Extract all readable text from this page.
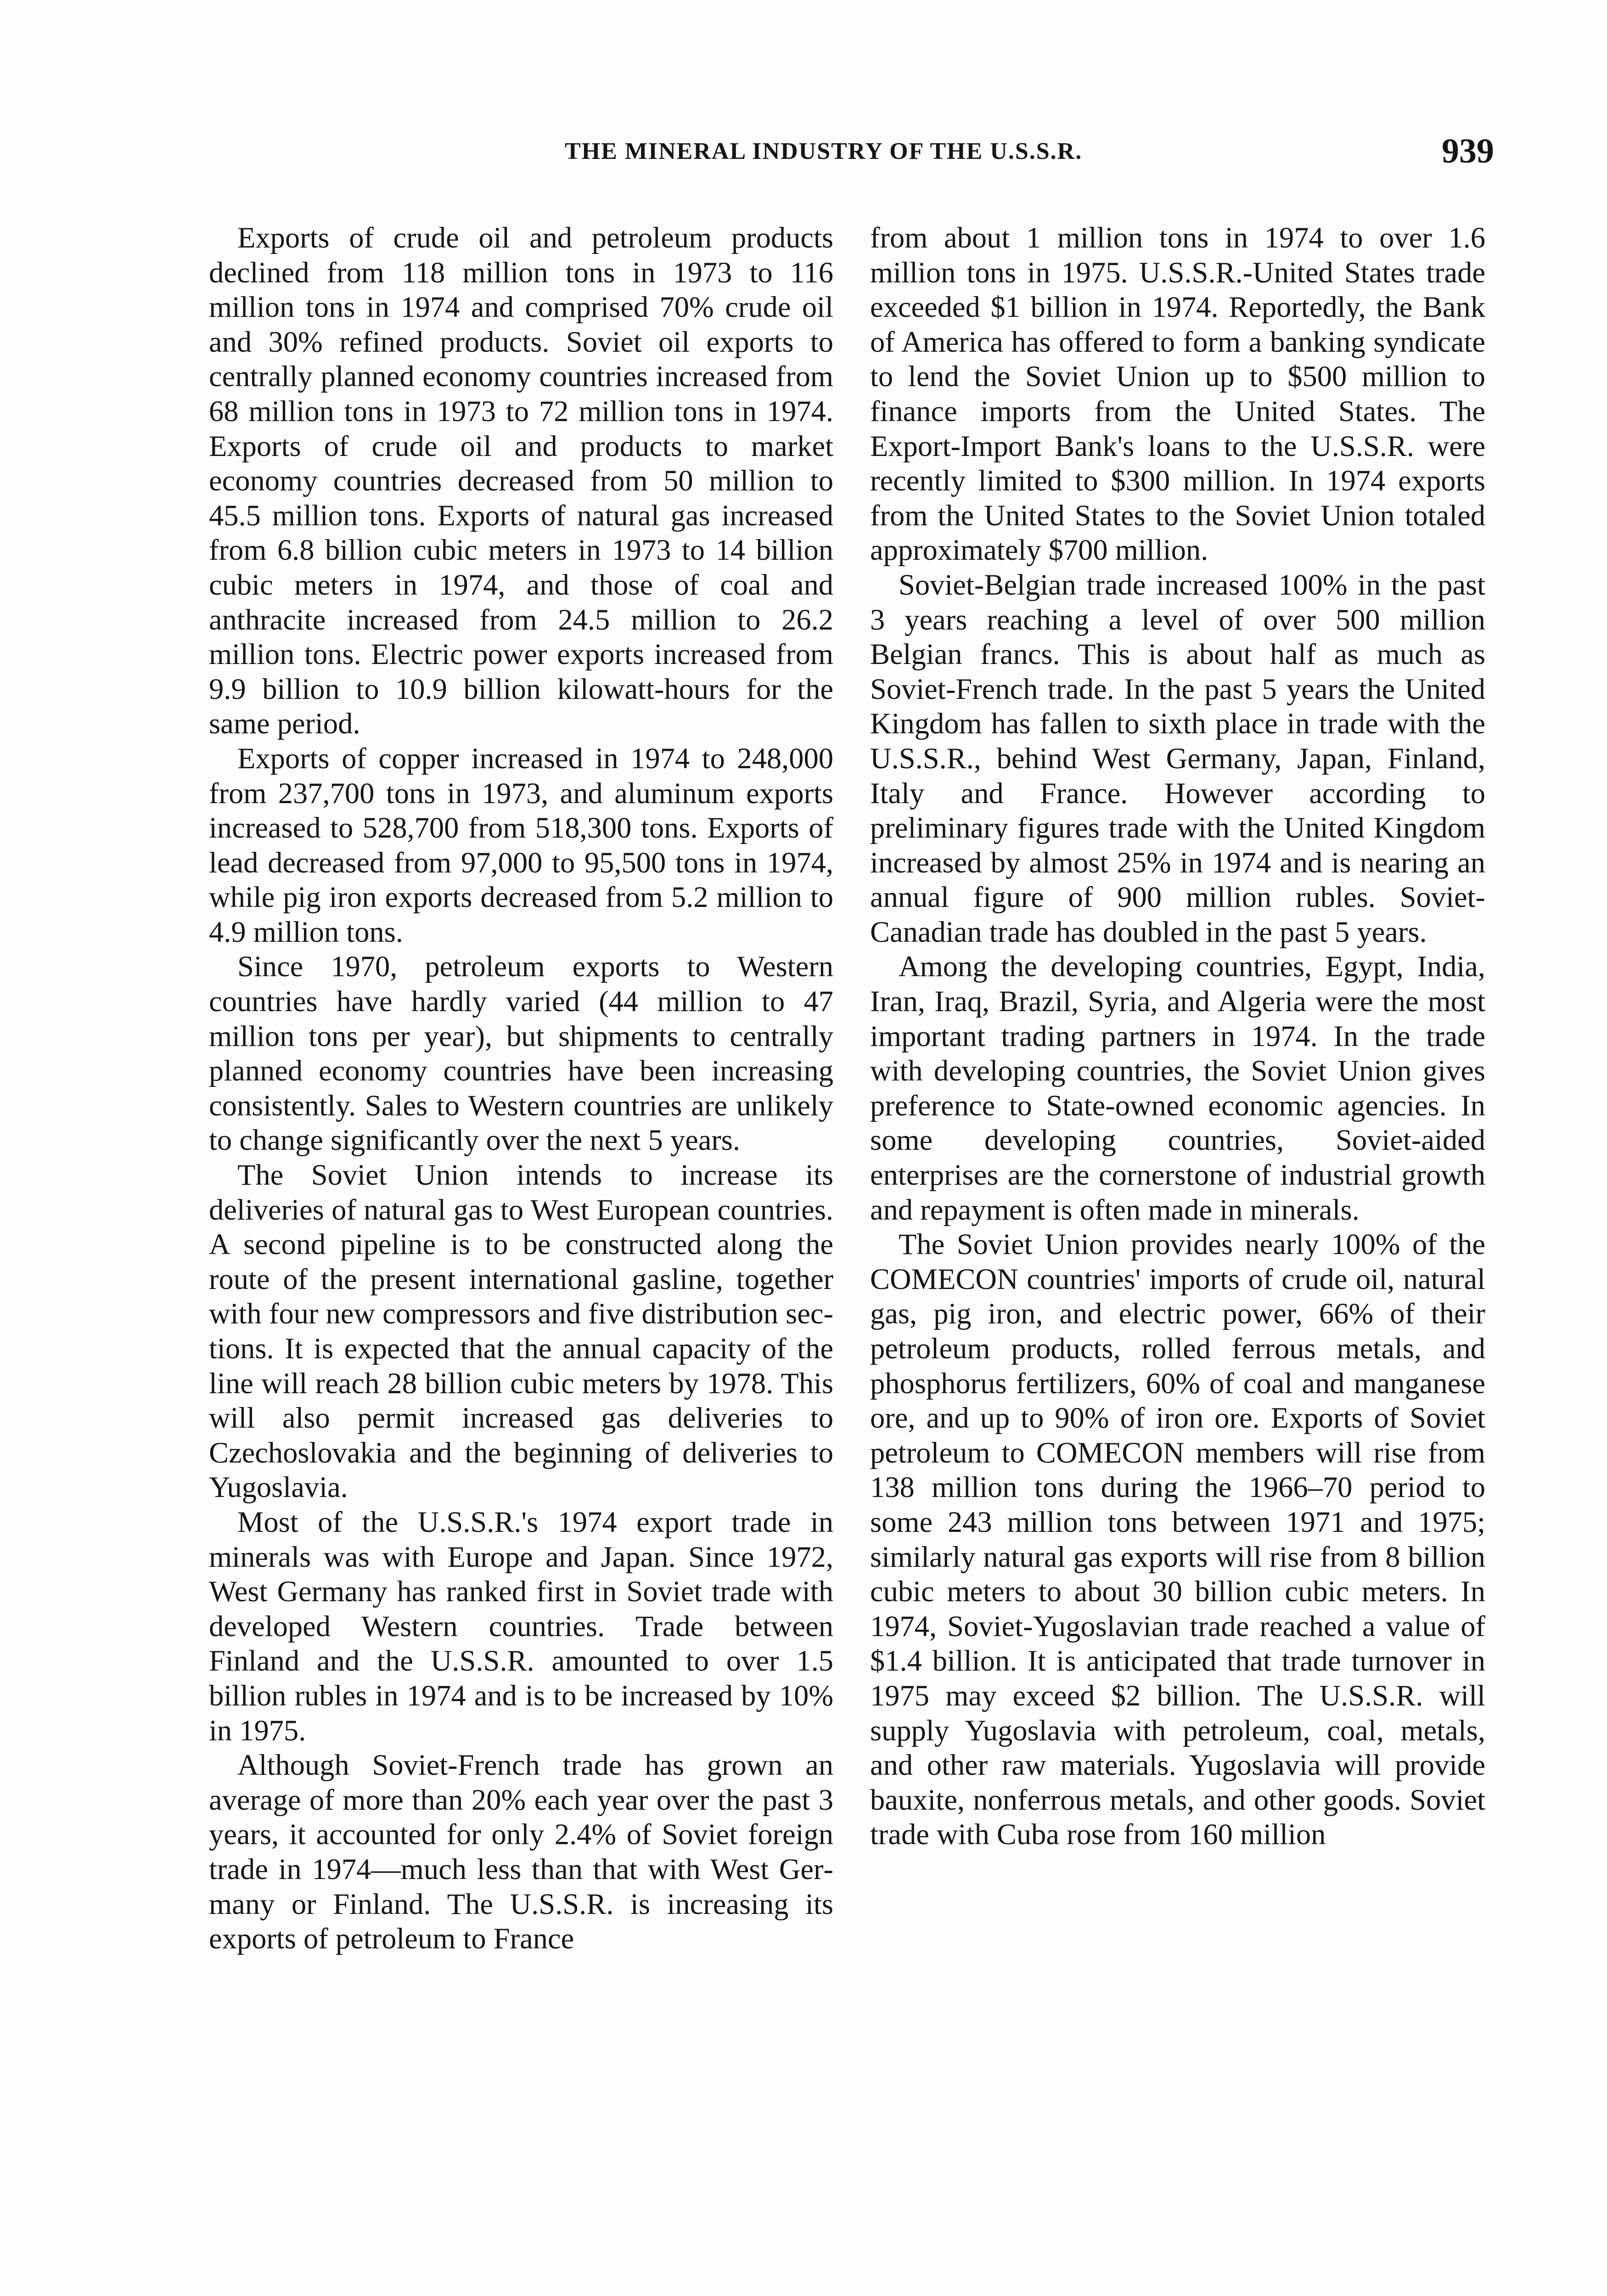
THE MINERAL INDUSTRY OF THE U.S.S.R.	939

Exports of crude oil and petroleum products declined from 118 million tons in 1973 to 116 million tons in 1974 and comprised 70% crude oil and 30% refined products. Soviet oil exports to centrally planned economy countries increased from 68 million tons in 1973 to 72 million tons in 1974. Exports of crude oil and products to market economy countries decreased from 50 million to 45.5 million tons. Exports of natural gas increased from 6.8 billion cubic meters in 1973 to 14 billion cubic meters in 1974, and those of coal and anthracite increased from 24.5 million to 26.2 million tons. Electric power exports increased from 9.9 billion to 10.9 billion kilowatt-hours for the same period.

Exports of copper increased in 1974 to 248,000 from 237,700 tons in 1973, and aluminum exports increased to 528,700 from 518,300 tons. Exports of lead decreased from 97,000 to 95,500 tons in 1974, while pig iron exports decreased from 5.2 million to 4.9 million tons.

Since 1970, petroleum exports to Western countries have hardly varied (44 million to 47 million tons per year), but shipments to centrally planned economy countries have been increasing consistently. Sales to Western countries are unlikely to change significantly over the next 5 years.

The Soviet Union intends to increase its deliveries of natural gas to West European countries. A second pipeline is to be constructed along the route of the present international gasline, together with four new compressors and five distribution sections. It is expected that the annual capacity of the line will reach 28 billion cubic meters by 1978. This will also permit increased gas deliveries to Czechoslovakia and the beginning of deliveries to Yugoslavia.

Most of the U.S.S.R.'s 1974 export trade in minerals was with Europe and Japan. Since 1972, West Germany has ranked first in Soviet trade with developed Western countries. Trade between Finland and the U.S.S.R. amounted to over 1.5 billion rubles in 1974 and is to be increased by 10% in 1975.

Although Soviet-French trade has grown an average of more than 20% each year over the past 3 years, it accounted for only 2.4% of Soviet foreign trade in 1974—much less than that with West Germany or Finland. The U.S.S.R. is increasing its exports of petroleum to France

from about 1 million tons in 1974 to over 1.6 million tons in 1975. U.S.S.R.-United States trade exceeded $1 billion in 1974. Reportedly, the Bank of America has offered to form a banking syndicate to lend the Soviet Union up to $500 million to finance imports from the United States. The Export-Import Bank's loans to the U.S.S.R. were recently limited to $300 million. In 1974 exports from the United States to the Soviet Union totaled approximately $700 million.

Soviet-Belgian trade increased 100% in the past 3 years reaching a level of over 500 million Belgian francs. This is about half as much as Soviet-French trade. In the past 5 years the United Kingdom has fallen to sixth place in trade with the U.S.S.R., behind West Germany, Japan, Finland, Italy and France. However according to preliminary figures trade with the United Kingdom increased by almost 25% in 1974 and is nearing an annual figure of 900 million rubles. Soviet-Canadian trade has doubled in the past 5 years.

Among the developing countries, Egypt, India, Iran, Iraq, Brazil, Syria, and Algeria were the most important trading partners in 1974. In the trade with developing countries, the Soviet Union gives preference to State-owned economic agencies. In some developing countries, Soviet-aided enterprises are the cornerstone of industrial growth and repayment is often made in minerals.

The Soviet Union provides nearly 100% of the COMECON countries' imports of crude oil, natural gas, pig iron, and electric power, 66% of their petroleum products, rolled ferrous metals, and phosphorus fertilizers, 60% of coal and manganese ore, and up to 90% of iron ore. Exports of Soviet petroleum to COMECON members will rise from 138 million tons during the 1966–70 period to some 243 million tons between 1971 and 1975; similarly natural gas exports will rise from 8 billion cubic meters to about 30 billion cubic meters. In 1974, Soviet-Yugoslavian trade reached a value of $1.4 billion. It is anticipated that trade turnover in 1975 may exceed $2 billion. The U.S.S.R. will supply Yugoslavia with petroleum, coal, metals, and other raw materials. Yugoslavia will provide bauxite, nonferrous metals, and other goods. Soviet trade with Cuba rose from 160 million
